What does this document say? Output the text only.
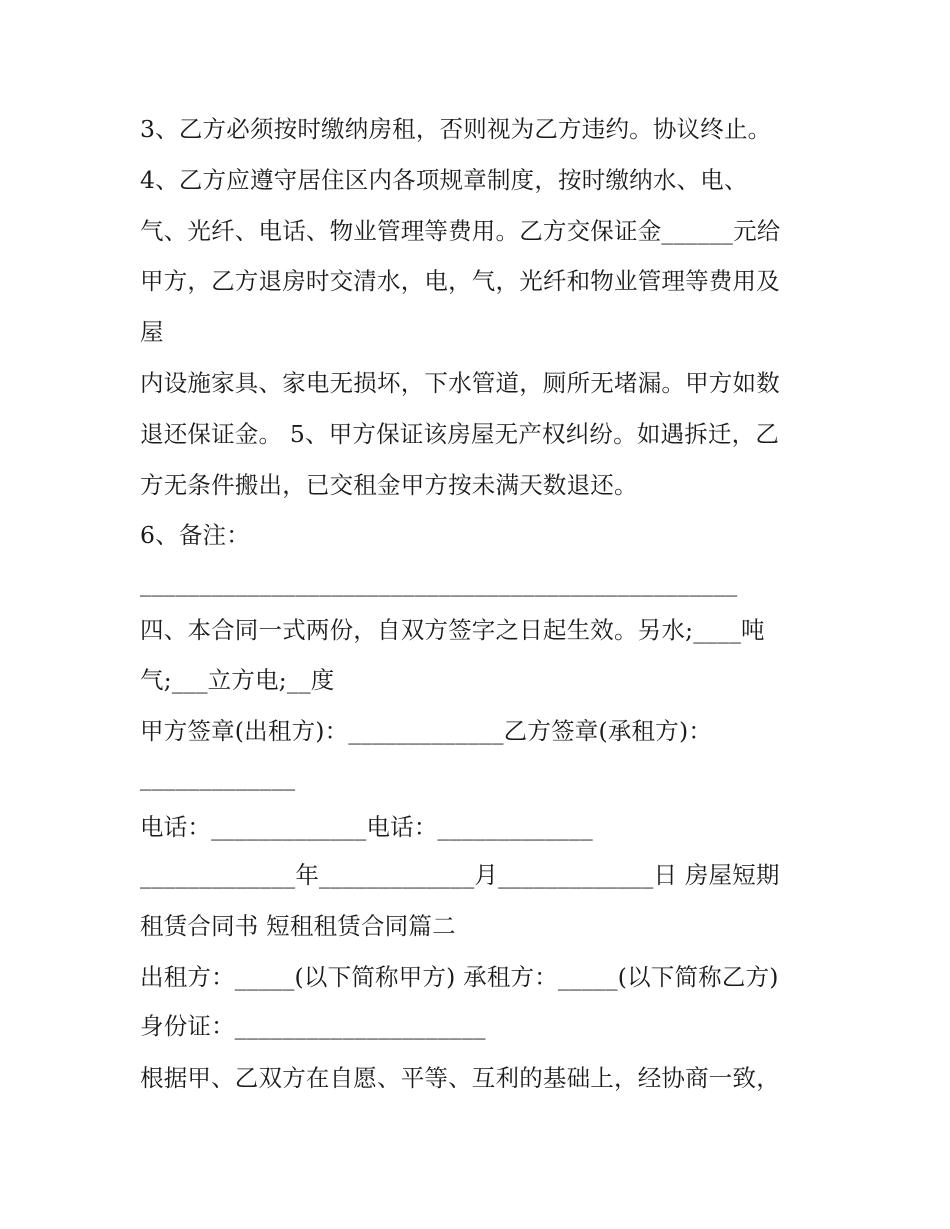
3、乙方必须按时缴纳房租，否则视为乙方违约。协议终止。
4、乙方应遵守居住区内各项规章制度，按时缴纳水、电、
气、光纤、电话、物业管理等费用。乙方交保证金______元给
甲方，乙方退房时交清水，电，气，光纤和物业管理等费用及
屋
内设施家具、家电无损坏，下水管道，厕所无堵漏。甲方如数
退还保证金。 5、甲方保证该房屋无产权纠纷。如遇拆迁，乙
方无条件搬出，已交租金甲方按未满天数退还。
6、备注：
__________________________________________________
四、本合同一式两份，自双方签字之日起生效。另水;____吨
气;___立方电;__度
甲方签章(出租方)：_____________乙方签章(承租方)：
_____________
电话：_____________电话：_____________
_____________年_____________月_____________日 房屋短期
租赁合同书 短租租赁合同篇二
出租方：_____(以下简称甲方) 承租方：_____(以下简称乙方)
身份证：_____________________
根据甲、乙双方在自愿、平等、互利的基础上，经协商一致，
